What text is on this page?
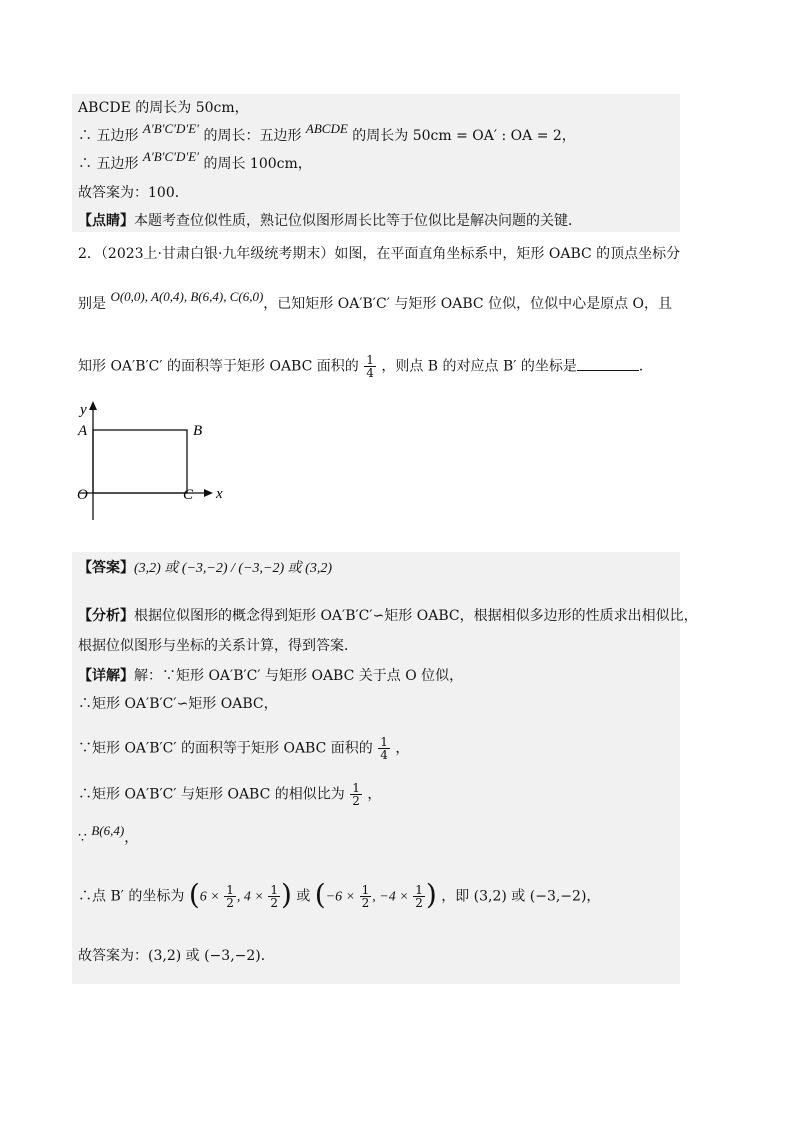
ABCDE 的周长为 50cm，
∴ 五边形 A′B′C′D′E′ 的周长：五边形 ABCDE 的周长为 50cm = OA′ : OA = 2，
∴ 五边形 A′B′C′D′E′ 的周长 100cm，
故答案为：100．
【点睛】本题考查位似性质，熟记位似图形周长比等于位似比是解决问题的关键．
2．（2023上·甘肃白银·九年级统考期末）如图，在平面直角坐标系中，矩形 OABC 的顶点坐标分
别是 O(0,0), A(0,4), B(6,4), C(6,0)，已知矩形 OA′B′C′ 与矩形 OABC 位似，位似中心是原点 O，且
知形 OA′B′C′ 的面积等于矩形 OABC 面积的 $\frac{1}{4}$ ，则点 B 的对应点 B′ 的坐标是	．
y
x
A	B
O	C
【答案】(3,2) 或 (−3,−2) / (−3,−2) 或 (3,2)
【分析】根据位似图形的概念得到矩形 OA′B′C′∽矩形 OABC，根据相似多边形的性质求出相似比，
根据位似图形与坐标的关系计算，得到答案．
【详解】解：∵矩形 OA′B′C′ 与矩形 OABC 关于点 O 位似，
∴矩形 OA′B′C′∽矩形 OABC，
∵矩形 OA′B′C′ 的面积等于矩形 OABC 面积的 $\frac{1}{4}$ ，
∴矩形 OA′B′C′ 与矩形 OABC 的相似比为 $\frac{1}{2}$ ，
∵ B(6,4)，
∴点 B′ 的坐标为 ($6 \times \frac{1}{2}$ , $4 \times \frac{1}{2}$ ) 或 ($-6 \times \frac{1}{2}$ , $-4 \times \frac{1}{2}$ ) ，即 (3,2) 或 (−3,−2)，
故答案为：(3,2) 或 (−3,−2)．
